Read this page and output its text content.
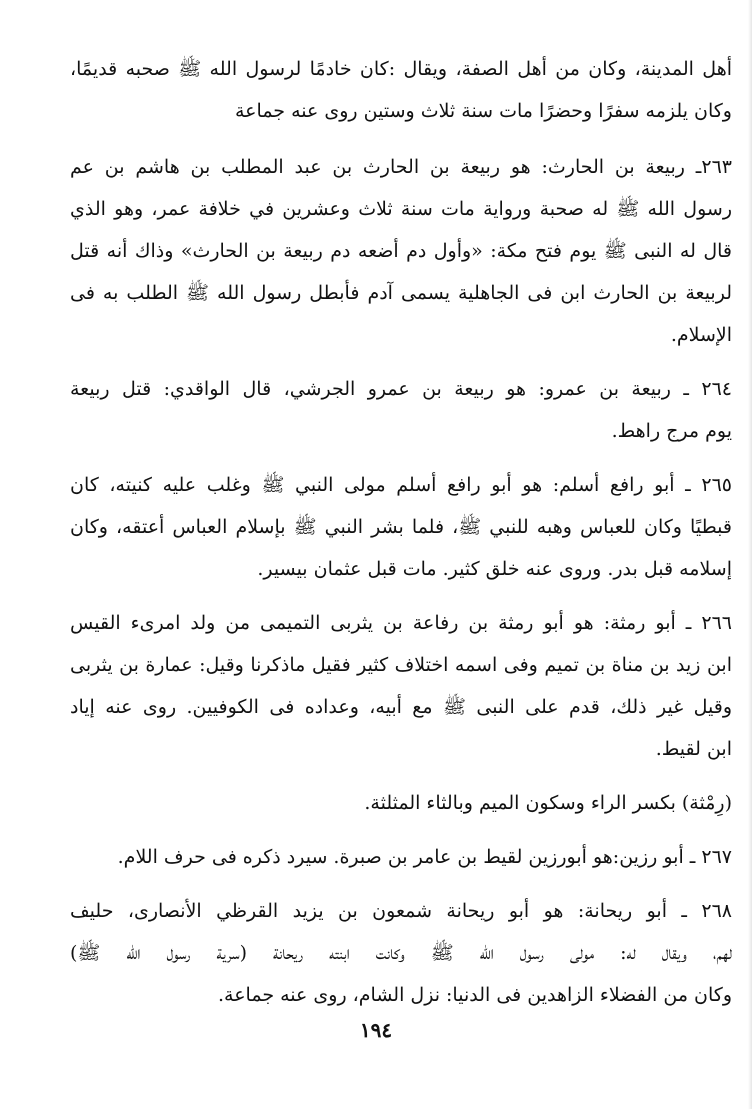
أهل المدينة، وكان من أهل الصفة، ويقال :كان خادمًا لرسول الله ﷺ صحبه قديمًا،
وكان يلزمه سفرًا وحضرًا مات سنة ثلاث وستين روى عنه جماعة

٢٦٣ـ ربيعة بن الحارث: هو ربيعة بن الحارث بن عبد المطلب بن هاشم بن عم
رسول الله ﷺ له صحبة ورواية مات سنة ثلاث وعشرين في خلافة عمر، وهو الذي
قال له النبى ﷺ يوم فتح مكة: «وأول دم أضعه دم ربيعة بن الحارث» وذاك أنه قتل
لربيعة بن الحارث ابن فى الجاهلية يسمى آدم فأبطل رسول الله ﷺ الطلب به فى
الإسلام.

٢٦٤ ـ ربيعة بن عمرو: هو ربيعة بن عمرو الجرشي، قال الواقدي: قتل ربيعة
يوم مرج راهط.

٢٦٥ ـ أبو رافع أسلم: هو أبو رافع أسلم مولى النبي ﷺ وغلب عليه كنيته، كان
قبطيًا وكان للعباس وهبه للنبي ﷺ، فلما بشر النبي ﷺ بإسلام العباس أعتقه، وكان
إسلامه قبل بدر. وروى عنه خلق كثير. مات قبل عثمان بيسير.

٢٦٦ ـ أبو رمثة: هو أبو رمثة بن رفاعة بن يثربى التميمى من ولد امرىء القيس
ابن زيد بن مناة بن تميم وفى اسمه اختلاف كثير فقيل ماذكرنا وقيل: عمارة بن يثربى
وقيل غير ذلك، قدم على النبى ﷺ مع أبيه، وعداده فى الكوفيين. روى عنه إياد
ابن لقيط.

(رِمْثة) بكسر الراء وسكون الميم وبالثاء المثلثة.

٢٦٧ ـ أبو رزين:هو أبورزين لقيط بن عامر بن صبرة. سيرد ذكره فى حرف اللام.

٢٦٨ ـ أبو ريحانة: هو أبو ريحانة شمعون بن يزيد القرظي الأنصارى، حليف
لهم، ويقال له: مولى رسول الله ﷺ وكانت ابنته ريحانة (سرية رسول الله ﷺ)
وكان من الفضلاء الزاهدين فى الدنيا: نزل الشام، روى عنه جماعة.

١٩٤
